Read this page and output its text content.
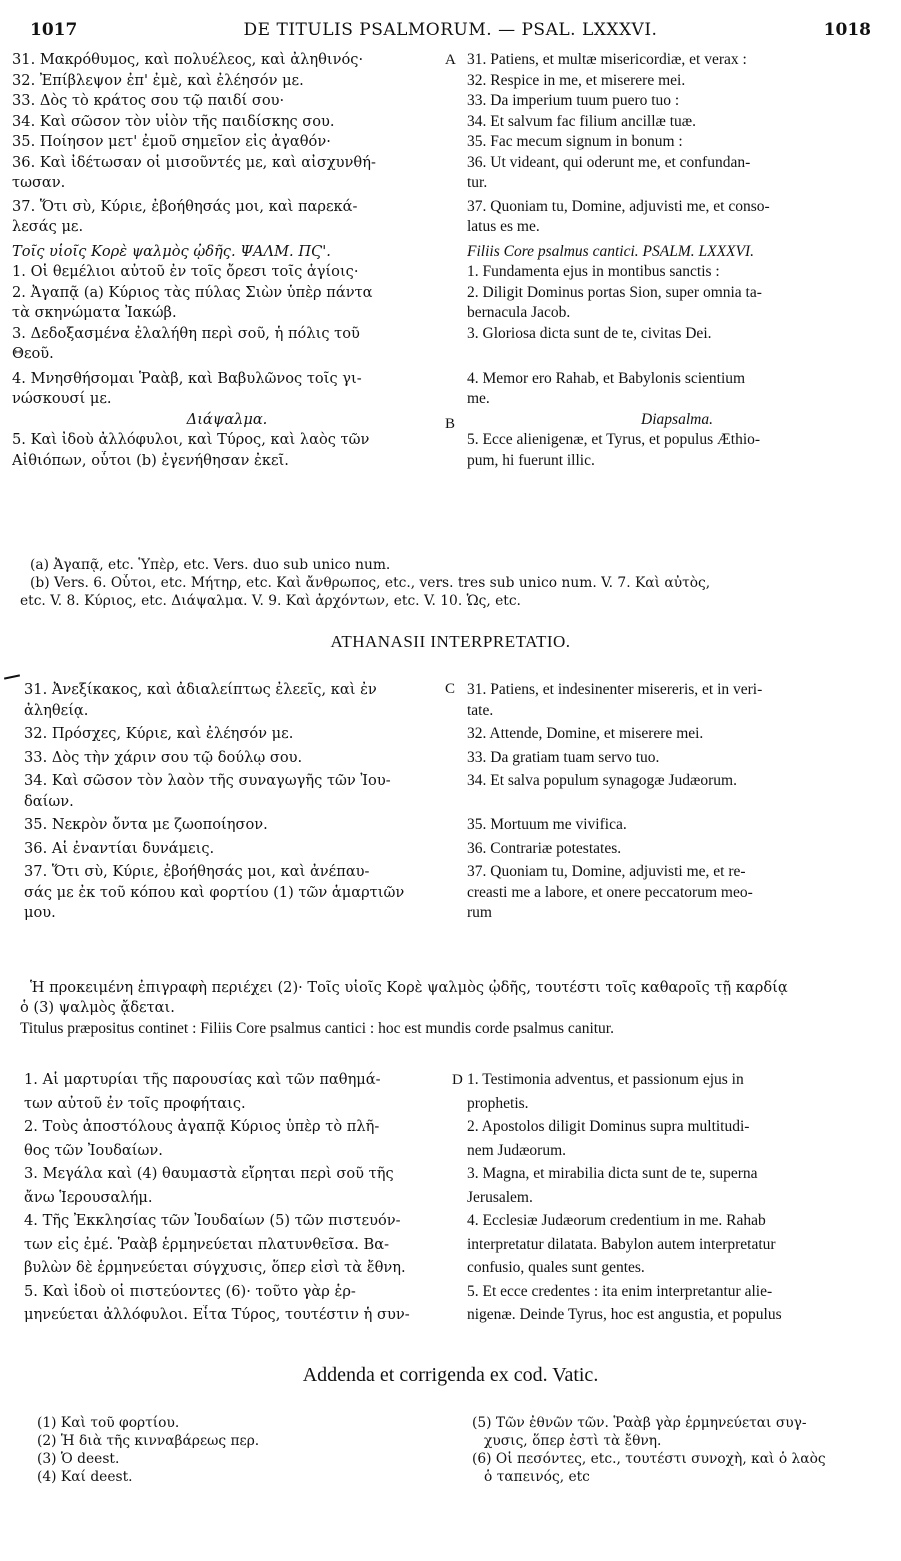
1017	DE TITULIS PSALMORUM. — PSAL. LXXXVI.	1018
31. Μακρόθυμος, καὶ πολυέλεος, καὶ ἀληθινός·
32. Ἐπίβλεψον ἐπ' ἐμὲ, καὶ ἐλέησόν με.
33. Δὸς τὸ κράτος σου τῷ παιδί σου·
34. Καὶ σῶσον τὸν υἱὸν τῆς παιδίσκης σου.
35. Ποίησον μετ' ἐμοῦ σημεῖον εἰς ἀγαθόν·
36. Καὶ ἰδέτωσαν οἱ μισοῦντές με, καὶ αἰσχυνθή-
τωσαν.
37. Ὅτι σὺ, Κύριε, ἐβοήθησάς μοι, καὶ παρεκά-
λεσάς με.
Τοῖς υἱοῖς Κορὲ ψαλμὸς ᾠδῆς. ΨΑΛΜ. ΠϚ'.
1. Οἱ θεμέλιοι αὐτοῦ ἐν τοῖς ὄρεσι τοῖς ἁγίοις·
2. Ἀγαπᾷ (a) Κύριος τὰς πύλας Σιὼν ὑπὲρ πάντα
τὰ σκηνώματα Ἰακώβ.
3. Δεδοξασμένα ἐλαλήθη περὶ σοῦ, ἡ πόλις τοῦ
Θεοῦ.
4. Μνησθήσομαι Ῥαὰβ, καὶ Βαβυλῶνος τοῖς γι-
νώσκουσί με.
Διάψαλμα.
5. Καὶ ἰδοὺ ἀλλόφυλοι, καὶ Τύρος, καὶ λαὸς τῶν
Αἰθιόπων, οὗτοι (b) ἐγενήθησαν ἐκεῖ.
31. Patiens, et multæ misericordiæ, et verax :
32. Respice in me, et miserere mei.
33. Da imperium tuum puero tuo :
34. Et salvum fac filium ancillæ tuæ.
35. Fac mecum signum in bonum :
36. Ut videant, qui oderunt me, et confundan-
tur.
37. Quoniam tu, Domine, adjuvisti me, et conso-
latus es me.
Filiis Core psalmus cantici. PSALM. LXXXVI.
1. Fundamenta ejus in montibus sanctis :
2. Diligit Dominus portas Sion, super omnia ta-
bernacula Jacob.
3. Gloriosa dicta sunt de te, civitas Dei.

4. Memor ero Rahab, et Babylonis scientium
me.
Diapsalma.
5. Ecce alienigenæ, et Tyrus, et populus Æthio-
pum, hi fuerunt illic.
A
B
(a) Ἀγαπᾷ, etc. Ὑπὲρ, etc. Vers. duo sub unico num.
(b) Vers. 6. Οὗτοι, etc. Μήτηρ, etc. Καὶ ἄνθρωπος, etc., vers. tres sub unico num. V. 7. Καὶ αὐτὸς,
etc. V. 8. Κύριος, etc. Διάψαλμα. V. 9. Καὶ ἀρχόντων, etc. V. 10. Ὡς, etc.
ATHANASII INTERPRETATIO.
31. Ἀνεξίκακος, καὶ ἀδιαλείπτως ἐλεεῖς, καὶ ἐν
ἀληθείᾳ.
32. Πρόσχες, Κύριε, καὶ ἐλέησόν με.
33. Δὸς τὴν χάριν σου τῷ δούλῳ σου.
34. Καὶ σῶσον τὸν λαὸν τῆς συναγωγῆς τῶν Ἰου-
δαίων.
35. Νεκρὸν ὄντα με ζωοποίησον.
36. Αἱ ἐναντίαι δυνάμεις.
37. Ὅτι σὺ, Κύριε, ἐβοήθησάς μοι, καὶ ἀνέπαυ-
σάς με ἐκ τοῦ κόπου καὶ φορτίου (1) τῶν ἁμαρτιῶν
μου.
31. Patiens, et indesinenter misereris, et in veri-
tate.
32. Attende, Domine, et miserere mei.
33. Da gratiam tuam servo tuo.
34. Et salva populum synagogæ Judæorum.

35. Mortuum me vivifica.
36. Contrariæ potestates.
37. Quoniam tu, Domine, adjuvisti me, et re-
creasti me a labore, et onere peccatorum meo-
rum
C
Ἡ προκειμένη ἐπιγραφὴ περιέχει (2)· Τοῖς υἱοῖς Κορὲ ψαλμὸς ᾠδῆς, τουτέστι τοῖς καθαροῖς τῇ καρδίᾳ
ὁ (3) ψαλμὸς ᾄδεται.
Titulus præpositus continet : Filiis Core psalmus cantici : hoc est mundis corde psalmus canitur.
1. Αἱ μαρτυρίαι τῆς παρουσίας καὶ τῶν παθημά-
των αὐτοῦ ἐν τοῖς προφήταις.
2. Τοὺς ἀποστόλους ἀγαπᾷ Κύριος ὑπὲρ τὸ πλῆ-
θος τῶν Ἰουδαίων.
3. Μεγάλα καὶ (4) θαυμαστὰ εἴρηται περὶ σοῦ τῆς
ἄνω Ἱερουσαλήμ.
4. Τῆς Ἐκκλησίας τῶν Ἰουδαίων (5) τῶν πιστευόν-
των εἰς ἐμέ. Ῥαὰβ ἑρμηνεύεται πλατυνθεῖσα. Βα-
βυλὼν δὲ ἑρμηνεύεται σύγχυσις, ὅπερ εἰσὶ τὰ ἔθνη.
5. Καὶ ἰδοὺ οἱ πιστεύοντες (6)· τοῦτο γὰρ ἑρ-
μηνεύεται ἀλλόφυλοι. Εἶτα Τύρος, τουτέστιν ἡ συν-
1. Testimonia adventus, et passionum ejus in
prophetis.
2. Apostolos diligit Dominus supra multitudi-
nem Judæorum.
3. Magna, et mirabilia dicta sunt de te, superna
Jerusalem.
4. Ecclesiæ Judæorum credentium in me. Rahab
interpretatur dilatata. Babylon autem interpretatur
confusio, quales sunt gentes.
5. Et ecce credentes : ita enim interpretantur alie-
nigenæ. Deinde Tyrus, hoc est angustia, et populus
D
Addenda et corrigenda ex cod. Vatic.
(1) Καὶ τοῦ φορτίου.
(2) Ἡ διὰ τῆς κινναβάρεως περ.
(3) Ὁ deest.
(4) Καί deest.
(5) Τῶν ἐθνῶν τῶν. Ῥαὰβ γὰρ ἑρμηνεύεται συγ-
χυσις, ὅπερ ἐστὶ τὰ ἔθνη.
(6) Οἱ πεσόντες, etc., τουτέστι συνοχὴ, καὶ ὁ λαὸς
ὁ ταπεινός, etc
